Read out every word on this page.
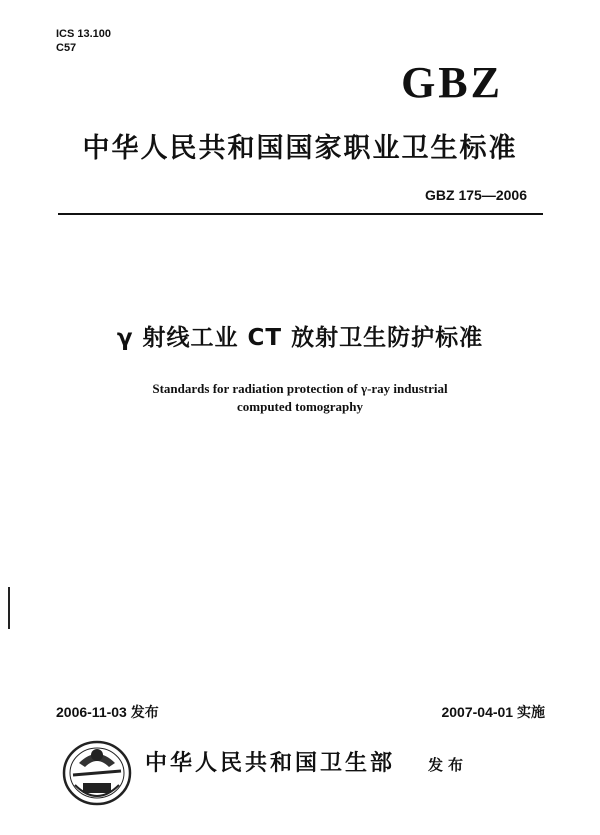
ICS 13.100
C57
GBZ
中华人民共和国国家职业卫生标准
GBZ 175—2006
γ 射线工业 CT 放射卫生防护标准
Standards for radiation protection of γ-ray industrial
computed tomography
2006-11-03 发布	2007-04-01 实施
中华人民共和国卫生部 发布
